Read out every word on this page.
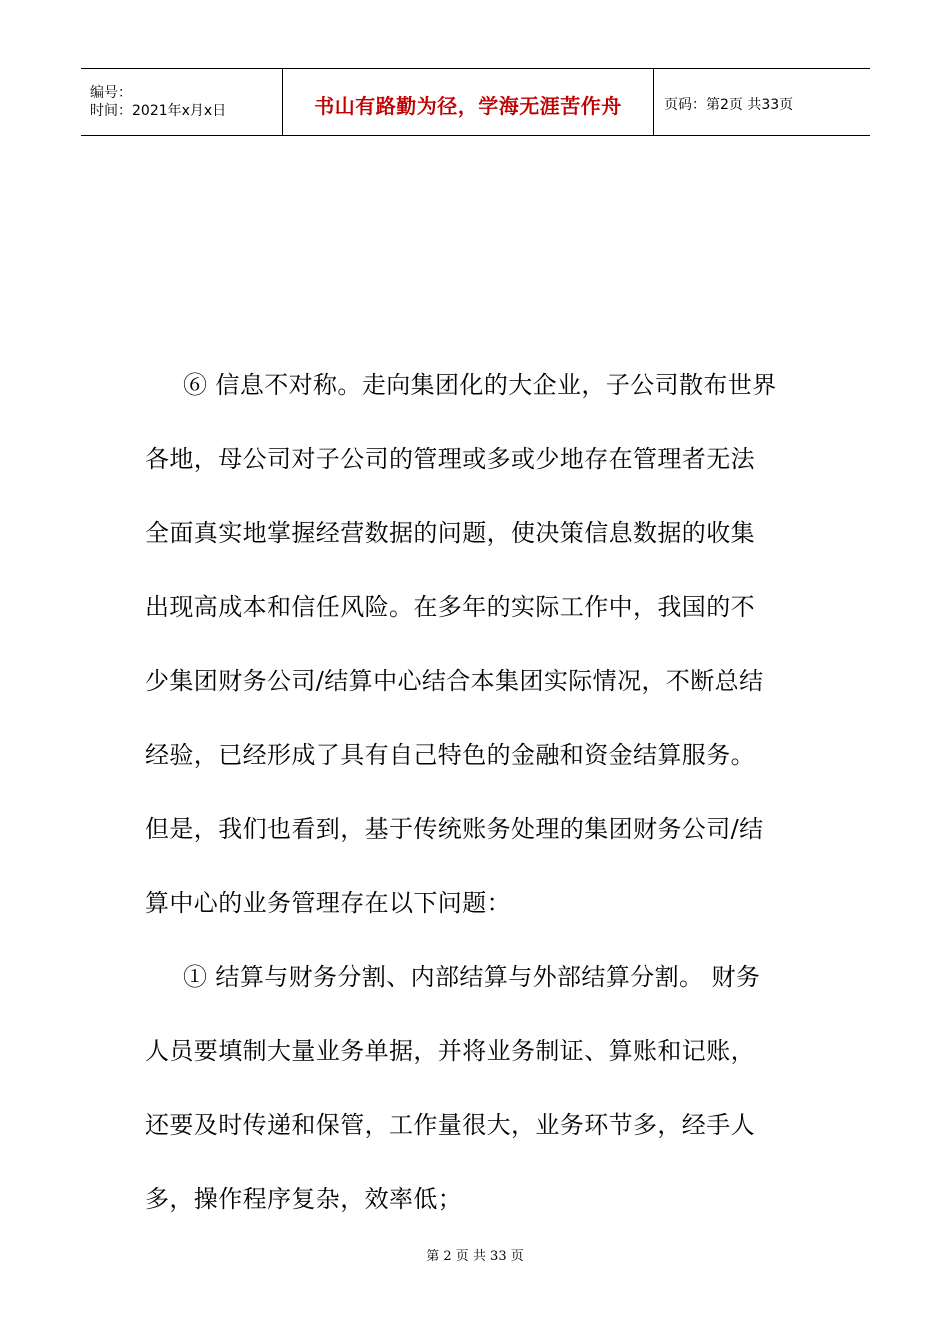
编号：
时间：2021年x月x日	书山有路勤为径，学海无涯苦作舟	页码：第2页 共33页

⑥ 信息不对称。走向集团化的大企业，子公司散布世界

各地，母公司对子公司的管理或多或少地存在管理者无法

全面真实地掌握经营数据的问题，使决策信息数据的收集

出现高成本和信任风险。在多年的实际工作中，我国的不

少集团财务公司/结算中心结合本集团实际情况，不断总结

经验，已经形成了具有自己特色的金融和资金结算服务。

但是，我们也看到，基于传统账务处理的集团财务公司/结

算中心的业务管理存在以下问题：

① 结算与财务分割、内部结算与外部结算分割。 财务

人员要填制大量业务单据，并将业务制证、算账和记账，

还要及时传递和保管，工作量很大，业务环节多，经手人

多，操作程序复杂，效率低；

第 2 页 共 33 页
